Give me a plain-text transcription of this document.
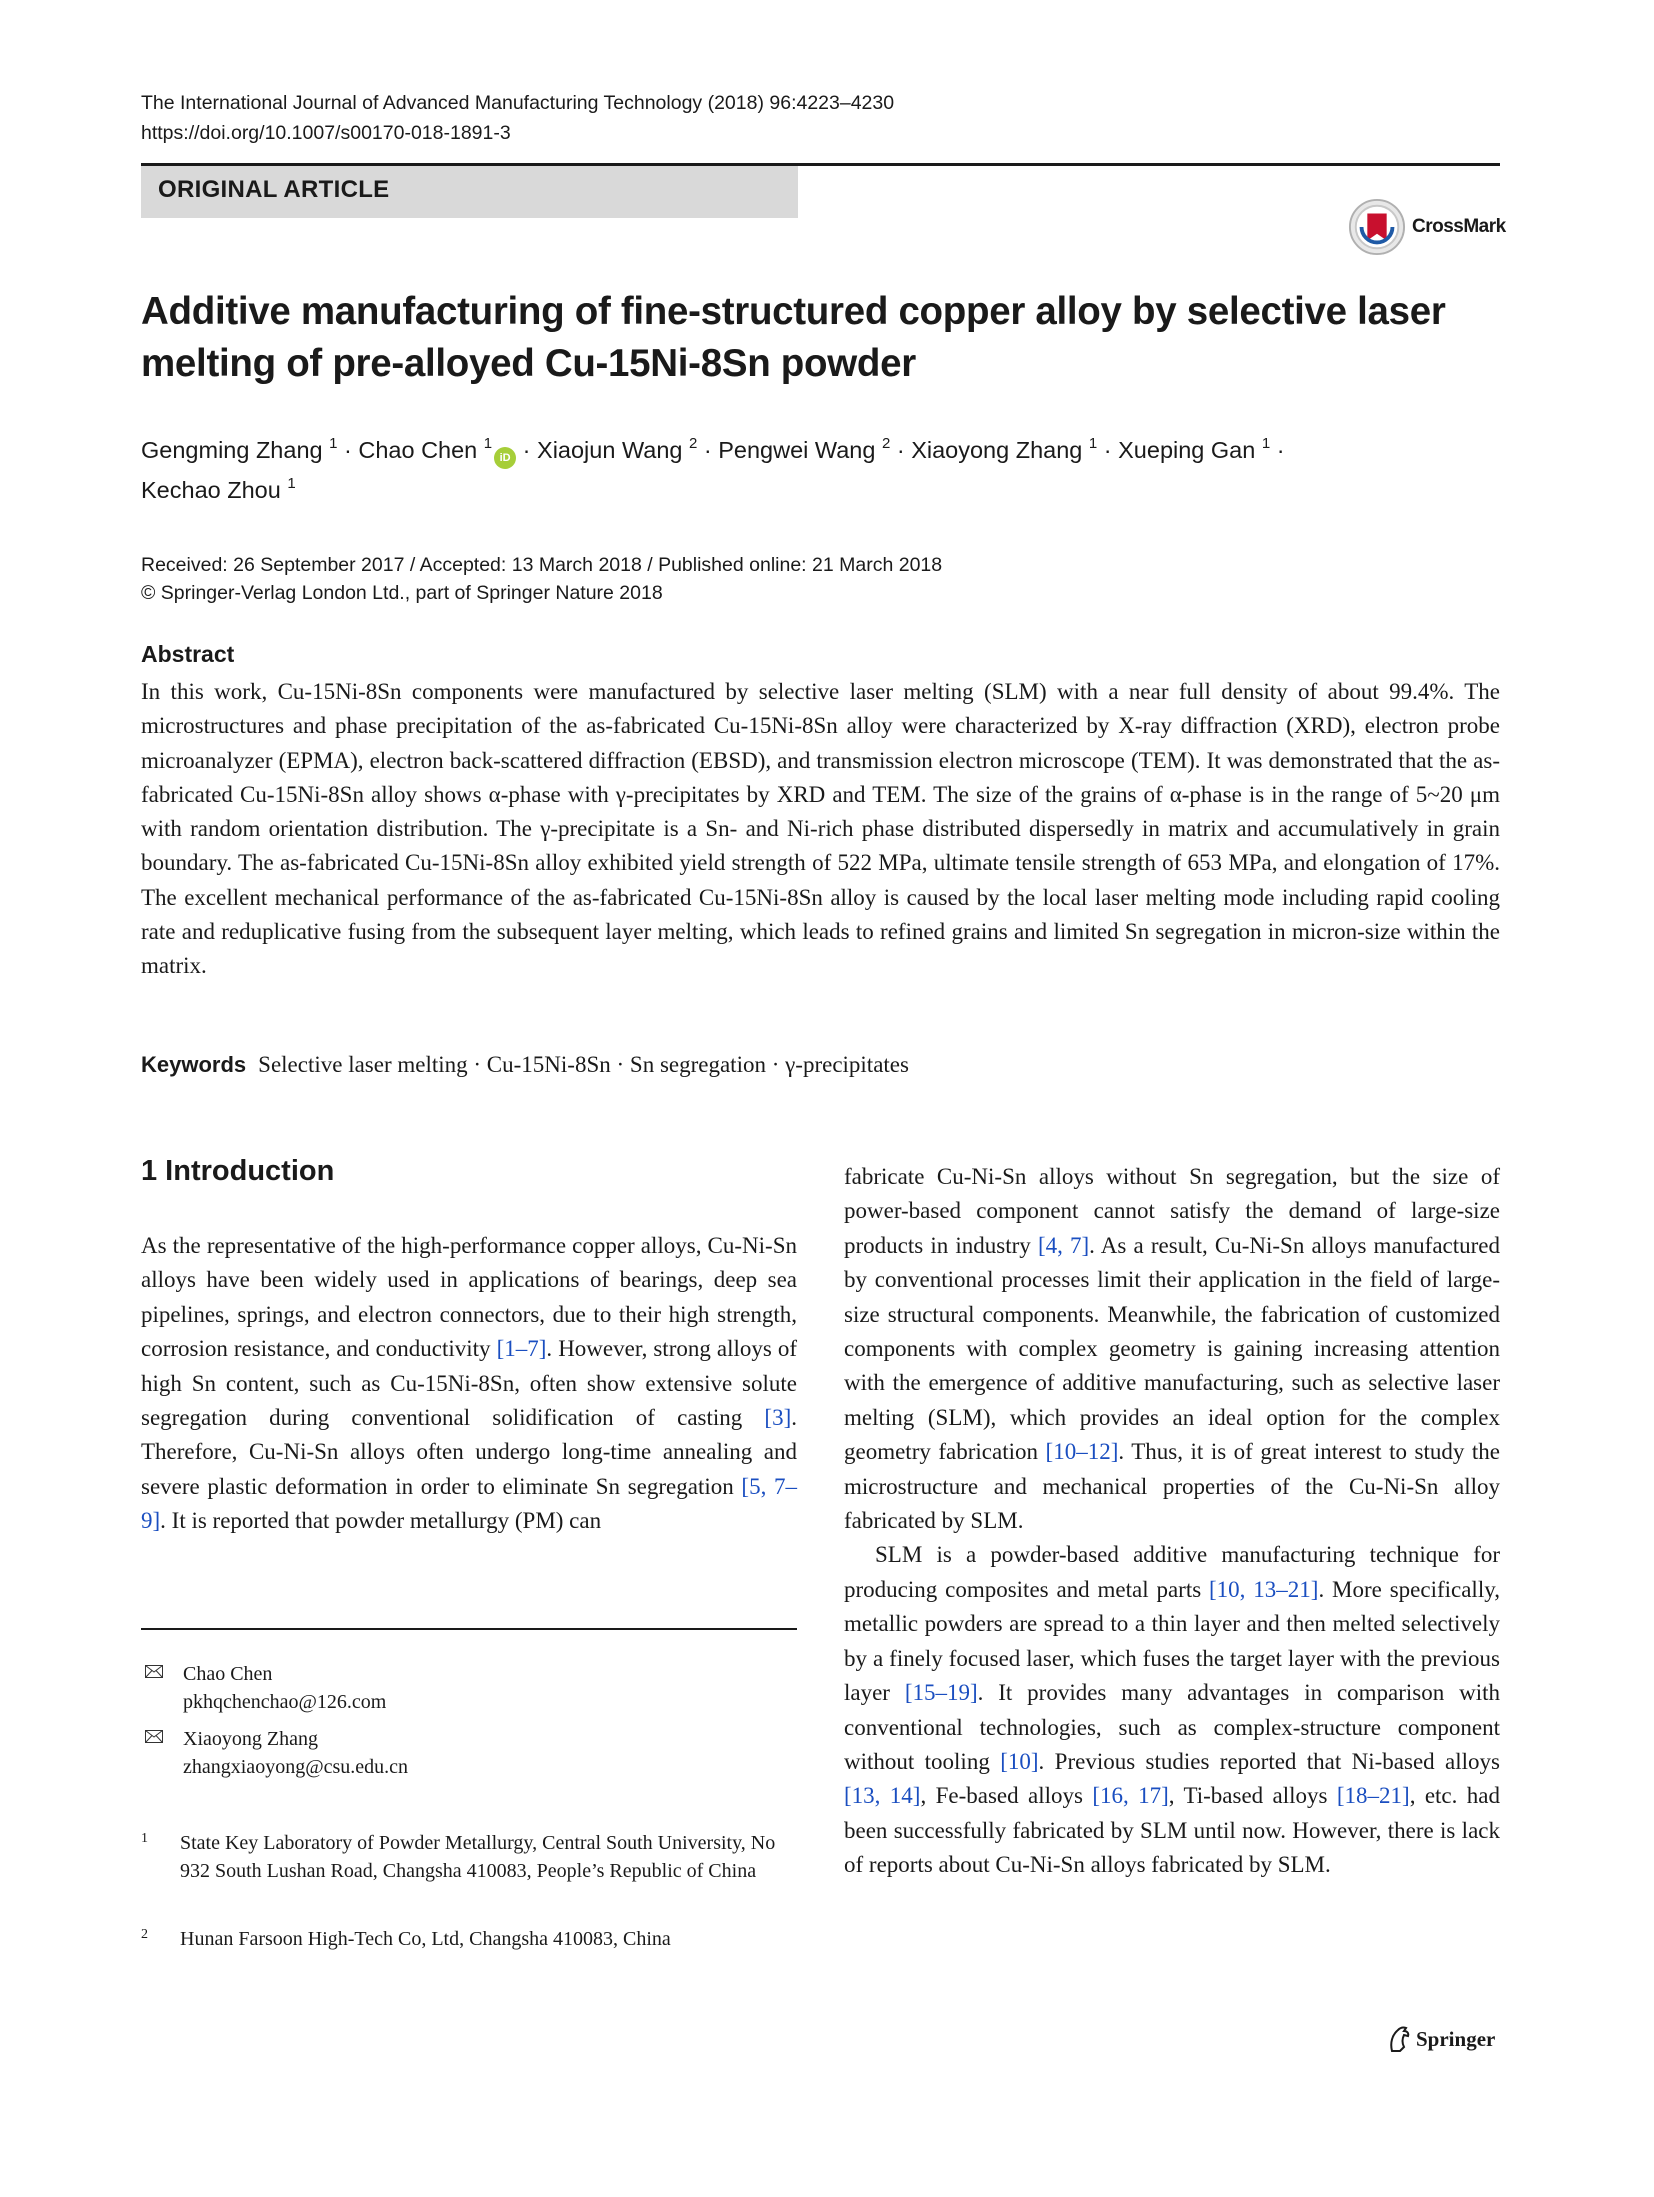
The International Journal of Advanced Manufacturing Technology (2018) 96:4223–4230
https://doi.org/10.1007/s00170-018-1891-3
ORIGINAL ARTICLE
CrossMark
Additive manufacturing of fine-structured copper alloy by selective laser melting of pre-alloyed Cu-15Ni-8Sn powder
Gengming Zhang $^1$ · Chao Chen $^1$iD · Xiaojun Wang $^2$ · Pengwei Wang $^2$ · Xiaoyong Zhang $^1$ · Xueping Gan $^1$ ·
Kechao Zhou $^1$
Received: 26 September 2017 / Accepted: 13 March 2018 / Published online: 21 March 2018
© Springer-Verlag London Ltd., part of Springer Nature 2018
Abstract
In this work, Cu-15Ni-8Sn components were manufactured by selective laser melting (SLM) with a near full density of about 99.4%. The microstructures and phase precipitation of the as-fabricated Cu-15Ni-8Sn alloy were characterized by X-ray diffraction (XRD), electron probe microanalyzer (EPMA), electron back-scattered diffraction (EBSD), and transmission electron microscope (TEM). It was demonstrated that the as-fabricated Cu-15Ni-8Sn alloy shows α-phase with γ-precipitates by XRD and TEM. The size of the grains of α-phase is in the range of 5~20 μm with random orientation distribution. The γ-precipitate is a Sn- and Ni-rich phase distributed dispersedly in matrix and accumulatively in grain boundary. The as-fabricated Cu-15Ni-8Sn alloy exhibited yield strength of 522 MPa, ultimate tensile strength of 653 MPa, and elongation of 17%. The excellent mechanical performance of the as-fabricated Cu-15Ni-8Sn alloy is caused by the local laser melting mode including rapid cooling rate and reduplicative fusing from the subsequent layer melting, which leads to refined grains and limited Sn segregation in micron-size within the matrix.
Keywords Selective laser melting · Cu-15Ni-8Sn · Sn segregation · γ-precipitates
1 Introduction

As the representative of the high-performance copper alloys, Cu-Ni-Sn alloys have been widely used in applications of bearings, deep sea pipelines, springs, and electron connectors, due to their high strength, corrosion resistance, and conductivity [1–7]. However, strong alloys of high Sn content, such as Cu-15Ni-8Sn, often show extensive solute segregation during conventional solidification of casting [3]. Therefore, Cu-Ni-Sn alloys often undergo long-time annealing and severe plastic deformation in order to eliminate Sn segregation [5, 7–9]. It is reported that powder metallurgy (PM) can

fabricate Cu-Ni-Sn alloys without Sn segregation, but the size of power-based component cannot satisfy the demand of large-size products in industry [4, 7]. As a result, Cu-Ni-Sn alloys manufactured by conventional processes limit their application in the field of large-size structural components. Meanwhile, the fabrication of customized components with complex geometry is gaining increasing attention with the emergence of additive manufacturing, such as selective laser melting (SLM), which provides an ideal option for the complex geometry fabrication [10–12]. Thus, it is of great interest to study the microstructure and mechanical properties of the Cu-Ni-Sn alloy fabricated by SLM.

SLM is a powder-based additive manufacturing technique for producing composites and metal parts [10, 13–21]. More specifically, metallic powders are spread to a thin layer and then melted selectively by a finely focused laser, which fuses the target layer with the previous layer [15–19]. It provides many advantages in comparison with conventional technologies, such as complex-structure component without tooling [10]. Previous studies reported that Ni-based alloys [13, 14], Fe-based alloys [16, 17], Ti-based alloys [18–21], etc. had been successfully fabricated by SLM until now. However, there is lack of reports about Cu-Ni-Sn alloys fabricated by SLM.

Chao Chen
pkhqchenchao@126.com
Xiaoyong Zhang
zhangxiaoyong@csu.edu.cn
1 State Key Laboratory of Powder Metallurgy, Central South University, No 932 South Lushan Road, Changsha 410083, People’s Republic of China
2 Hunan Farsoon High-Tech Co, Ltd, Changsha 410083, China
Springer
